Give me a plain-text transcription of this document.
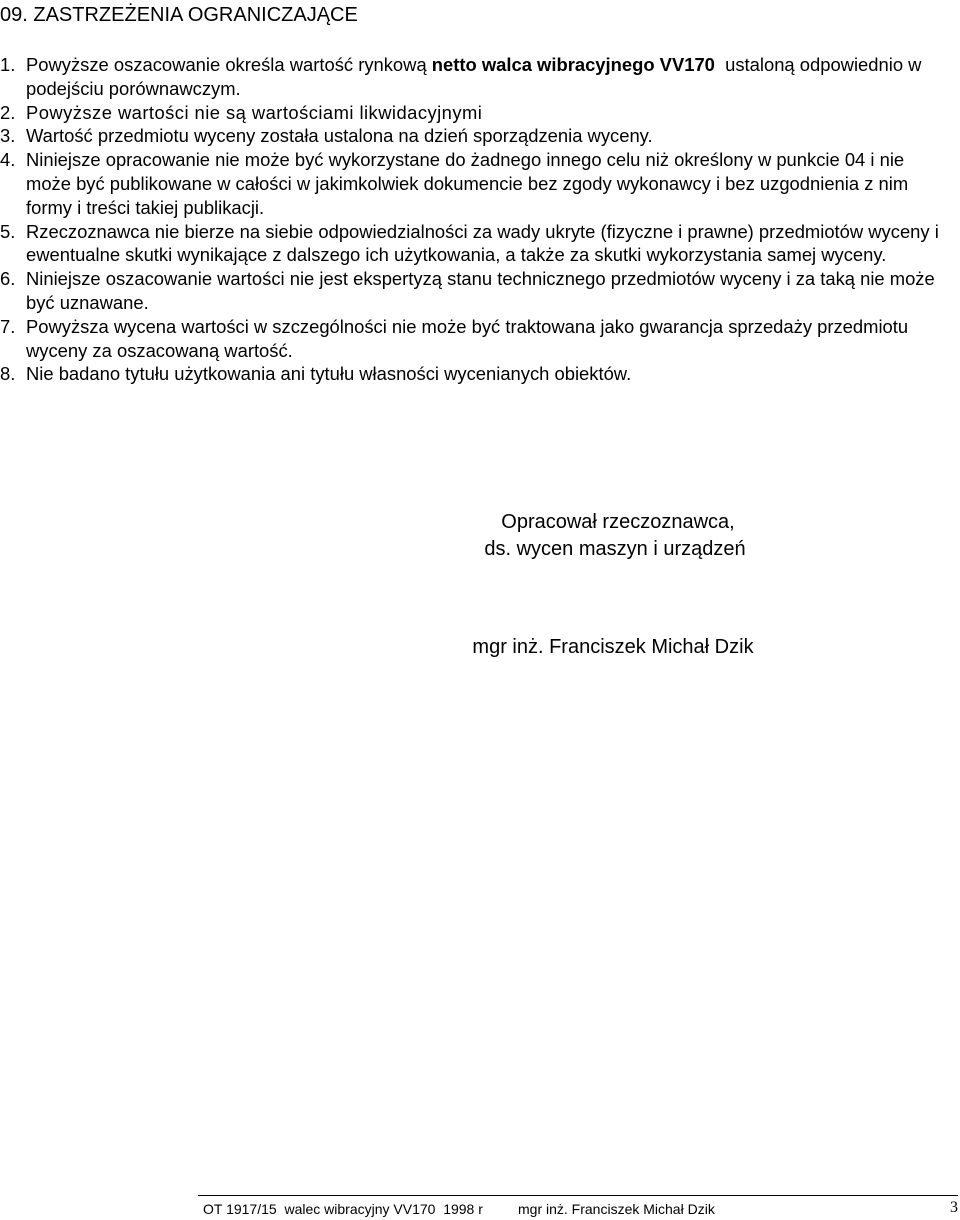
09. ZASTRZEŻENIA OGRANICZAJĄCE
1. Powyższe oszacowanie określa wartość rynkową netto walca wibracyjnego VV170  ustaloną odpowiednio w podejściu porównawczym.
2. Powyższe wartości nie są wartościami likwidacyjnymi
3. Wartość przedmiotu wyceny została ustalona na dzień sporządzenia wyceny.
4. Niniejsze opracowanie nie może być wykorzystane do żadnego innego celu niż określony w punkcie 04 i nie może być publikowane w całości w jakimkolwiek dokumencie bez zgody wykonawcy i bez uzgodnienia z nim formy i treści takiej publikacji.
5. Rzeczoznawca nie bierze na siebie odpowiedzialności za wady ukryte (fizyczne i prawne) przedmiotów wyceny i ewentualne skutki wynikające z dalszego ich użytkowania, a także za skutki wykorzystania samej wyceny.
6. Niniejsze oszacowanie wartości nie jest ekspertyzą stanu technicznego przedmiotów wyceny i za taką nie może być uznawane.
7. Powyższa wycena wartości w szczególności nie może być traktowana jako gwarancja sprzedaży przedmiotu wyceny za oszacowaną wartość.
8. Nie badano tytułu użytkowania ani tytułu własności wycenianych obiektów.
Opracował rzeczoznawca,
ds. wycen maszyn i urządzeń
mgr inż. Franciszek Michał Dzik
OT 1917/15  walec wibracyjny VV170  1998 r	mgr inż. Franciszek Michał Dzik	3
